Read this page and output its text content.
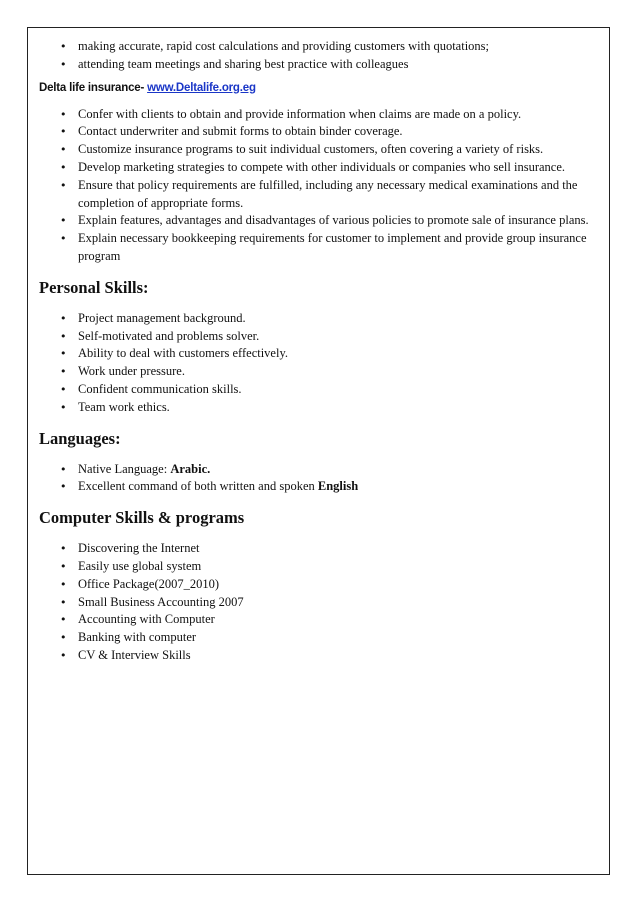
• making accurate, rapid cost calculations and providing customers with quotations;
• attending team meetings and sharing best practice with colleagues
Delta life insurance- www.Deltalife.org.eg
• Confer with clients to obtain and provide information when claims are made on a policy.
• Contact underwriter and submit forms to obtain binder coverage.
• Customize insurance programs to suit individual customers, often covering a variety of risks.
• Develop marketing strategies to compete with other individuals or companies who sell insurance.
• Ensure that policy requirements are fulfilled, including any necessary medical examinations and the completion of appropriate forms.
• Explain features, advantages and disadvantages of various policies to promote sale of insurance plans.
• Explain necessary bookkeeping requirements for customer to implement and provide group insurance program
Personal Skills:
• Project management background.
• Self-motivated and problems solver.
• Ability to deal with customers effectively.
• Work under pressure.
• Confident communication skills.
• Team work ethics.
Languages:
• Native Language: Arabic.
• Excellent command of both written and spoken English
Computer Skills & programs
• Discovering the Internet
• Easily use global system
• Office Package(2007_2010)
• Small Business Accounting 2007
• Accounting with Computer
• Banking with computer
• CV & Interview Skills
